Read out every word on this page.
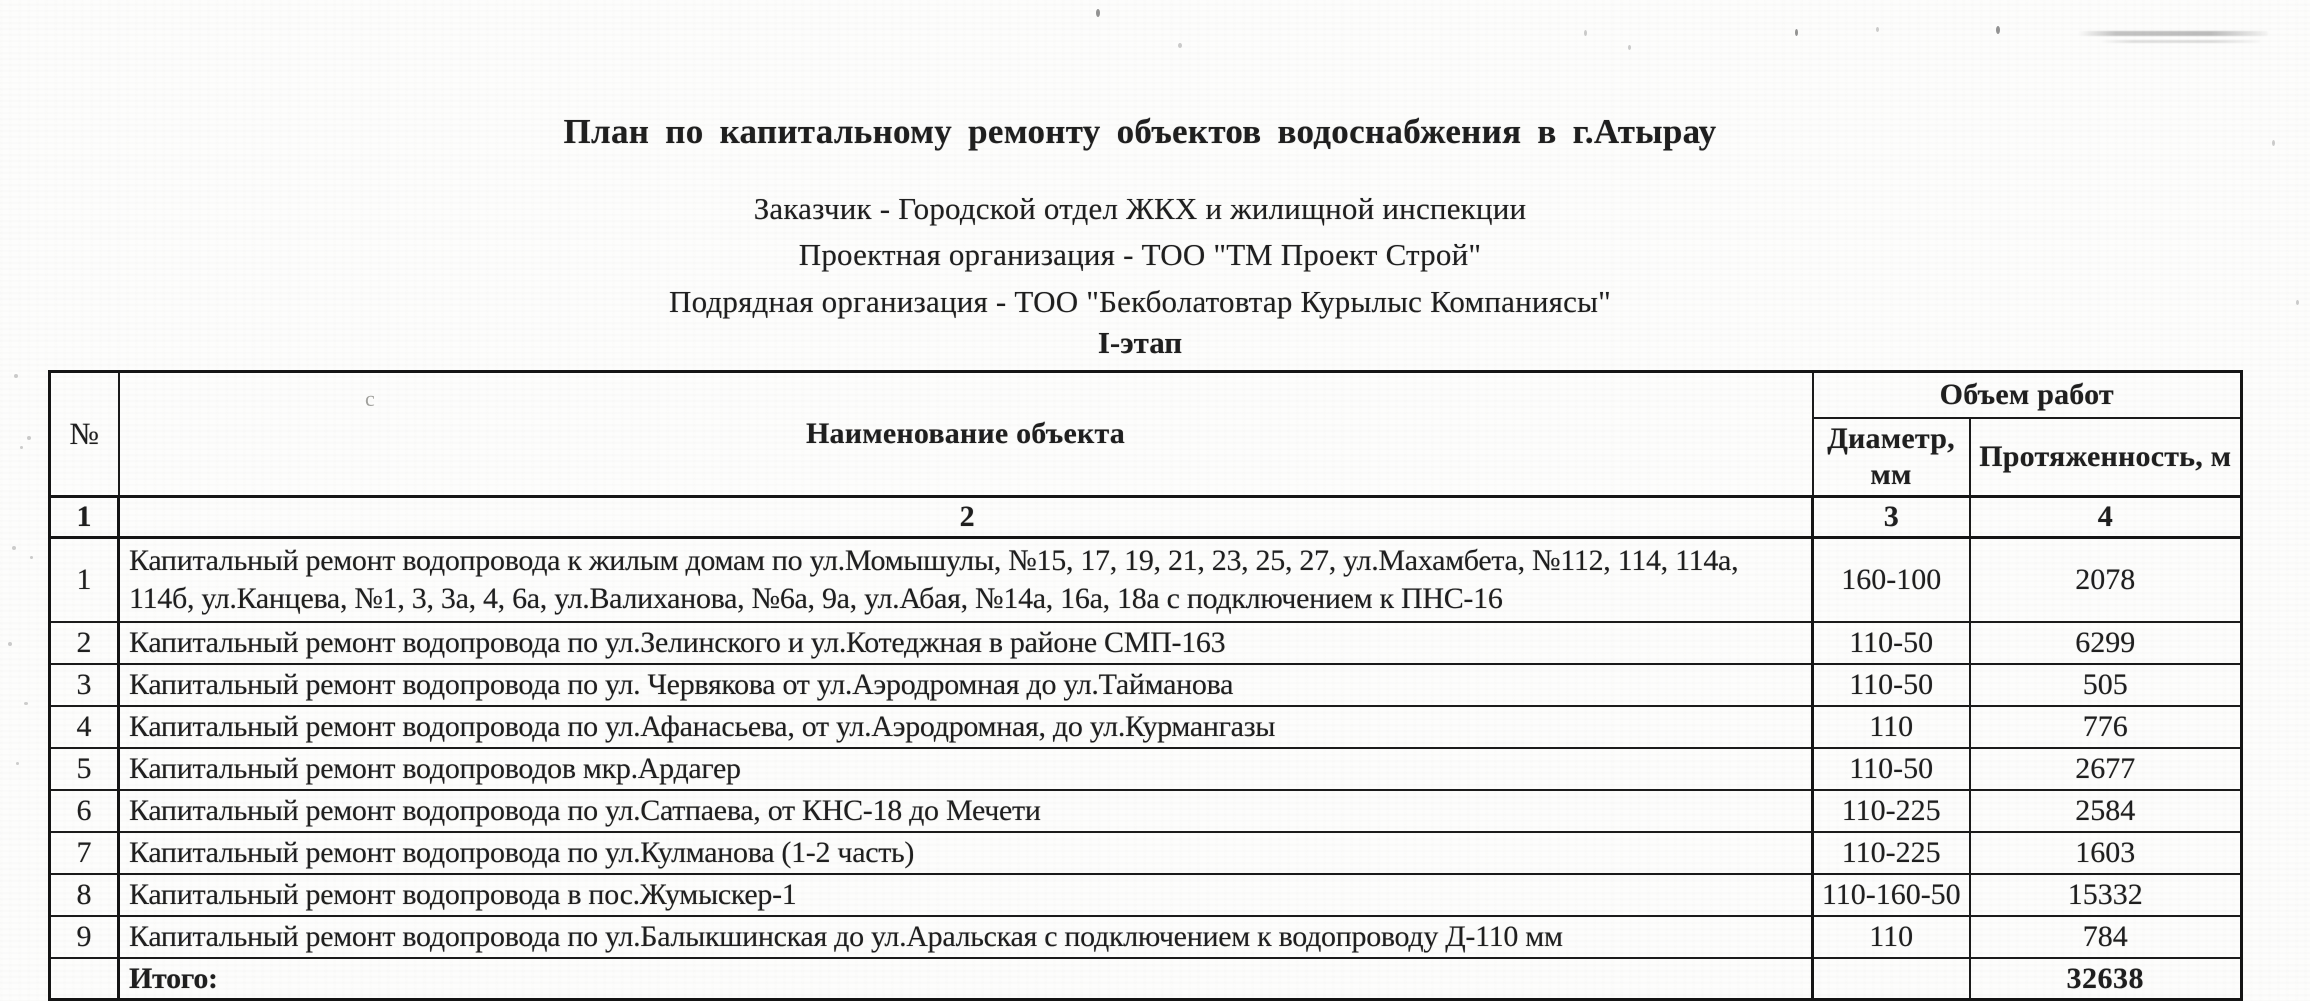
План по капитальному ремонту объектов водоснабжения в г.Атырау
Заказчик - Городской отдел ЖКХ и жилищной инспекции
Проектная организация - ТОО "ТМ Проект Строй"
Подрядная организация - ТОО "Бекболатовтар Курылыс Компаниясы"
I-этап
№	Наименование объекта	Объем работ	
		Диаметр, мм	Протяженность, м
1	2	3	4
1	Капитальный ремонт водопровода к жилым домам по ул.Момышулы, №15, 17, 19, 21, 23, 25, 27, ул.Махамбета, №112, 114, 114а, 114б, ул.Канцева, №1, 3, 3а, 4, 6а, ул.Валиханова, №6а, 9а, ул.Абая, №14а, 16а, 18а с подключением к ПНС-16	160-100	2078
2	Капитальный ремонт водопровода по ул.Зелинского и ул.Котеджная в районе СМП-163	110-50	6299
3	Капитальный ремонт водопровода по ул. Червякова от ул.Аэродромная до ул.Тайманова	110-50	505
4	Капитальный ремонт водопровода по ул.Афанасьева, от ул.Аэродромная, до ул.Курмангазы	110	776
5	Капитальный ремонт водопроводов мкр.Ардагер	110-50	2677
6	Капитальный ремонт водопровода по ул.Сатпаева, от КНС-18 до Мечети	110-225	2584
7	Капитальный ремонт водопровода по ул.Кулманова (1-2 часть)	110-225	1603
8	Капитальный ремонт водопровода в пос.Жумыскер-1	110-160-50	15332
9	Капитальный ремонт водопровода по ул.Балыкшинская до ул.Аральская с подключением к водопроводу Д-110 мм	110	784
	Итого:		32638
c
